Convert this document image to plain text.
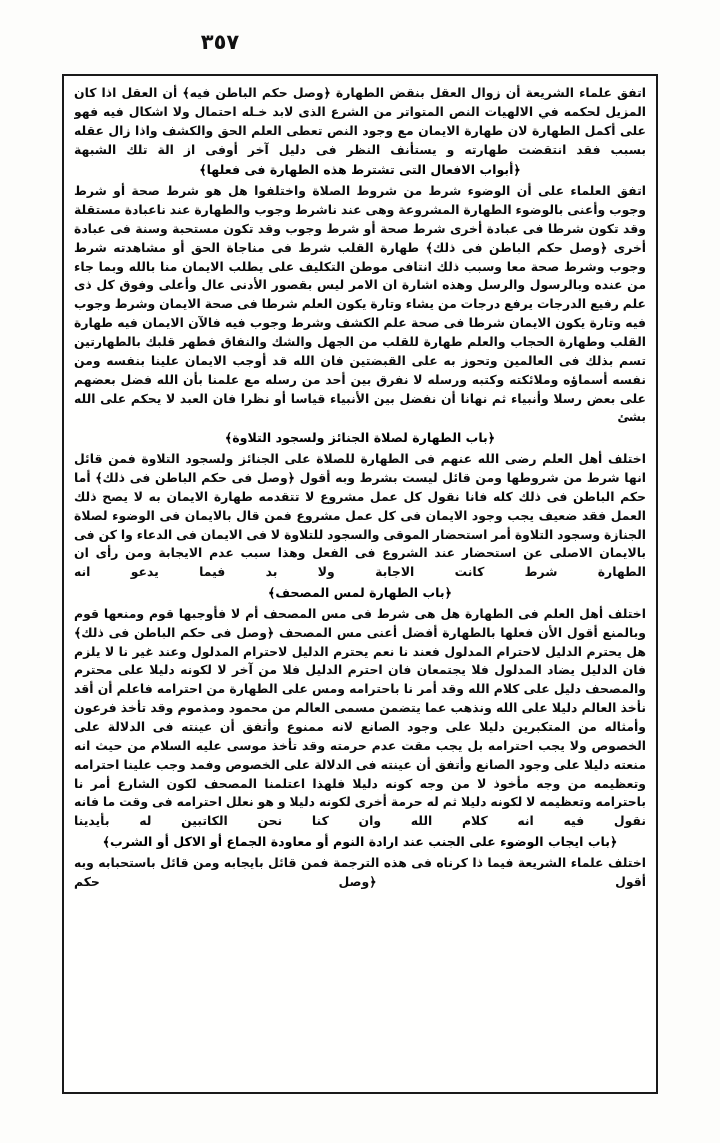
٣٥٧

اتفق علماء الشريعة أن زوال العقل بنقض الطهارة ﴿وصل حكم الباطن فيه﴾ أن العقل اذا كان المزيل لحكمه في الالهيات النص المتواتر من الشرع الذى لابد خـله احتمال ولا اشكال فيه فهو على أكمل الطهارة لان طهارة الايمان مع وجود النص تعطى العلم الحق والكشف واذا زال عقله بسبب فقد انتقضت طهارته و يستأنف النظر فى دليل آخر أوفى از الة تلك الشبهة

﴿أبواب الافعال التى تشترط هذه الطهارة فى فعلها﴾

اتفق العلماء على أن الوضوء شرط من شروط الصلاة واختلفوا هل هو شرط صحة أو شرط وجوب وأعنى بالوضوء الطهارة المشروعة وهى عند ناشرط وجوب والطهارة عند ناعبادة مستقلة وقد تكون شرطا فى عبادة أخرى شرط صحة أو شرط وجوب وقد تكون مستحبة وسنة فى عبادة أخرى ﴿وصل حكم الباطن فى ذلك﴾ طهارة القلب شرط فى مناجاة الحق أو مشاهدته شرط وجوب وشرط صحة معا وسبب ذلك انتافى موطن التكليف على يطلب الايمان منا بالله وبما جاء من عنده وبالرسول والرسل وهذه اشارة ان الامر ليس بقصور الأدنى عال وأعلى وفوق كل ذى علم رفيع الدرجات يرفع درجات من يشاء وتارة يكون العلم شرطا فى صحة الايمان وشرط وجوب فيه وتارة يكون الايمان شرطا فى صحة علم الكشف وشرط وجوب فيه فالآن الايمان فيه طهارة القلب وطهارة الحجاب والعلم طهارة للقلب من الجهل والشك والنفاق فطهر قلبك بالطهارتين تسم بذلك فى العالمين وتحوز به على القبضتين فان الله قد أوجب الايمان علينا بنفسه ومن نفسه أسماؤه وملائكته وكتبه ورسله لا نفرق بين أحد من رسله مع علمنا بأن الله فضل بعضهم على بعض رسلا وأنبياء ثم نهانا أن نفضل بين الأنبياء قياسا أو نظرا فان العبد لا يحكم على الله بشئ

﴿باب الطهارة لصلاة الجنائز ولسجود التلاوة﴾

اختلف أهل العلم رضى الله عنهم فى الطهارة للصلاة على الجنائز ولسجود التلاوة فمن قائل انها شرط من شروطها ومن قائل ليست بشرط وبه أقول ﴿وصل فى حكم الباطن فى ذلك﴾ أما حكم الباطن فى ذلك كله فانا نقول كل عمل مشروع لا تتقدمه طهارة الايمان به لا يصح ذلك العمل فقد ضعيف يجب وجود الايمان فى كل عمل مشروع فمن قال بالايمان فى الوضوء لصلاة الجنازة وسجود التلاوة أمر استحضار الموقى والسجود للتلاوة لا فى الايمان فى الدعاء وا كن فى بالايمان الاصلى عن استحضار عند الشروع فى الفعل وهذا سبب عدم الايجابة ومن رأى ان الطهارة شرط كانت الاجابة ولا بد فيما يدعو انه

﴿باب الطهارة لمس المصحف﴾

اختلف أهل العلم فى الطهارة هل هى شرط فى مس المصحف أم لا فأوجبها قوم ومنعها قوم وبالمنع أقول الأن فعلها بالطهارة أفضل أعنى مس المصحف ﴿وصل فى حكم الباطن فى ذلك﴾ هل يحترم الدليل لاحترام المدلول فعند نا نعم يحترم الدليل لاحترام المدلول وعند غير نا لا يلزم فان الدليل يضاد المدلول فلا يجتمعان فان احترم الدليل فلا من آخر لا لكونه دليلا على محترم والمصحف دليل على كلام الله وقد أمر نا باحترامه ومس على الطهارة من احترامه فاعلم أن أقد نأخذ العالم دليلا على الله ونذهب عما يتضمن مسمى العالم من محمود ومذموم وقد تأخذ فرعون وأمثاله من المتكبرين دليلا على وجود الصانع لانه ممنوع وأتفق أن عينته فى الدلالة على الخصوص ولا يجب احترامه بل يجب مقت عدم حرمته وقد تأخذ موسى عليه السلام من حيث انه منعته دليلا على وجود الصانع وأتفق أن عينته فى الدلالة على الخصوص وفمد وجب علينا احترامه وتعظيمه من وجه مأخوذ لا من وجه كونه دليلا فلهذا اعتلمنا المصحف لكون الشارع أمر نا باحترامه وتعظيمه لا لكونه دليلا ثم له حرمة أخرى لكونه دليلا و هو نعلل احترامه فى وقت ما فانه نقول فيه انه كلام الله وان كنا نحن الكاتبين له بأيدينا

﴿باب ايجاب الوضوء على الجنب عند ارادة النوم أو معاودة الجماع أو الاكل أو الشرب﴾

اختلف علماء الشريعة فيما ذا كرناه فى هذه الترجمة فمن قائل بايجابه ومن قائل باستحبابه وبه أقول ﴿وصل حكم
